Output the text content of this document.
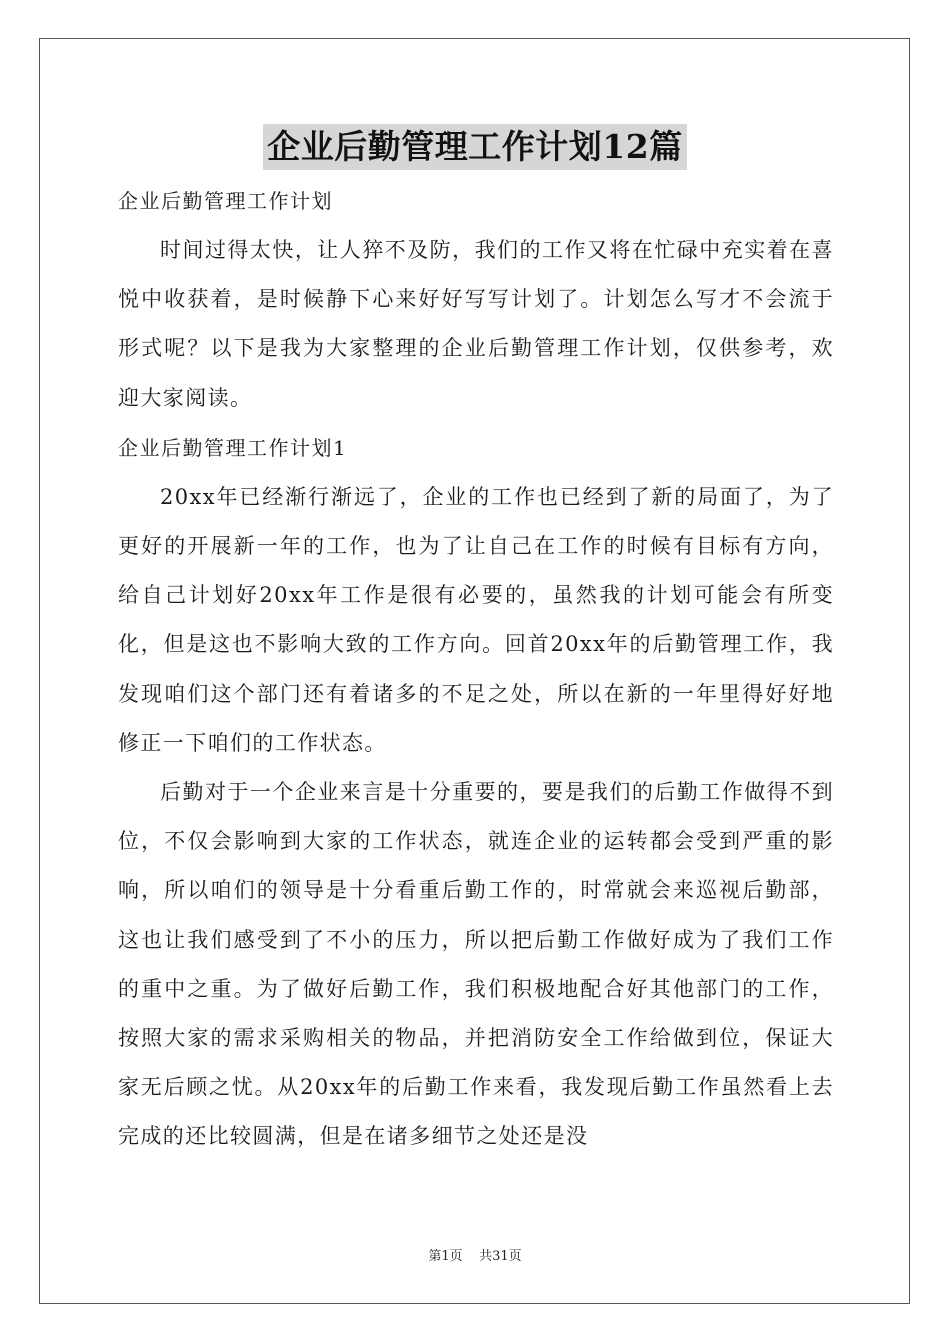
企业后勤管理工作计划12篇
企业后勤管理工作计划

时间过得太快，让人猝不及防，我们的工作又将在忙碌中充实着在喜悦中收获着，是时候静下心来好好写写计划了。计划怎么写才不会流于形式呢？以下是我为大家整理的企业后勤管理工作计划，仅供参考，欢迎大家阅读。

企业后勤管理工作计划1

20xx年已经渐行渐远了，企业的工作也已经到了新的局面了，为了更好的开展新一年的工作，也为了让自己在工作的时候有目标有方向，给自己计划好20xx年工作是很有必要的，虽然我的计划可能会有所变化，但是这也不影响大致的工作方向。回首20xx年的后勤管理工作，我发现咱们这个部门还有着诸多的不足之处，所以在新的一年里得好好地修正一下咱们的工作状态。

后勤对于一个企业来言是十分重要的，要是我们的后勤工作做得不到位，不仅会影响到大家的工作状态，就连企业的运转都会受到严重的影响，所以咱们的领导是十分看重后勤工作的，时常就会来巡视后勤部，这也让我们感受到了不小的压力，所以把后勤工作做好成为了我们工作的重中之重。为了做好后勤工作，我们积极地配合好其他部门的工作，按照大家的需求采购相关的物品，并把消防安全工作给做到位，保证大家无后顾之忧。从20xx年的后勤工作来看，我发现后勤工作虽然看上去完成的还比较圆满，但是在诸多细节之处还是没

第1页 共31页
